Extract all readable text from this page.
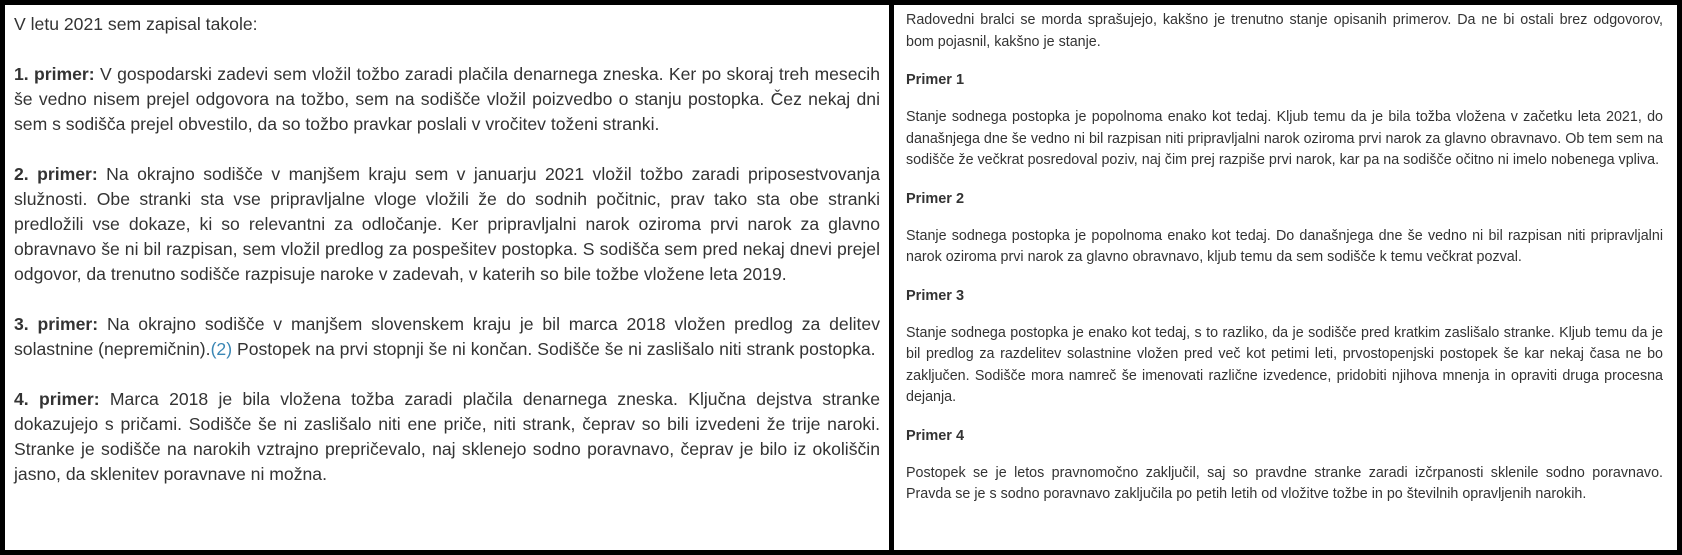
V letu 2021 sem zapisal takole:

1. primer: V gospodarski zadevi sem vložil tožbo zaradi plačila denarnega zneska. Ker po skoraj treh mesecih še vedno nisem prejel odgovora na tožbo, sem na sodišče vložil poizvedbo o stanju postopka. Čez nekaj dni sem s sodišča prejel obvestilo, da so tožbo pravkar poslali v vročitev toženi stranki.

2. primer: Na okrajno sodišče v manjšem kraju sem v januarju 2021 vložil tožbo zaradi priposestvovanja služnosti. Obe stranki sta vse pripravljalne vloge vložili že do sodnih počitnic, prav tako sta obe stranki predložili vse dokaze, ki so relevantni za odločanje. Ker pripravljalni narok oziroma prvi narok za glavno obravnavo še ni bil razpisan, sem vložil predlog za pospešitev postopka. S sodišča sem pred nekaj dnevi prejel odgovor, da trenutno sodišče razpisuje naroke v zadevah, v katerih so bile tožbe vložene leta 2019.

3. primer: Na okrajno sodišče v manjšem slovenskem kraju je bil marca 2018 vložen predlog za delitev solastnine (nepremičnin).(2) Postopek na prvi stopnji še ni končan. Sodišče še ni zaslišalo niti strank postopka.

4. primer: Marca 2018 je bila vložena tožba zaradi plačila denarnega zneska. Ključna dejstva stranke dokazujejo s pričami. Sodišče še ni zaslišalo niti ene priče, niti strank, čeprav so bili izvedeni že trije naroki. Stranke je sodišče na narokih vztrajno prepričevalo, naj sklenejo sodno poravnavo, čeprav je bilo iz okoliščin jasno, da sklenitev poravnave ni možna.

Radovedni bralci se morda sprašujejo, kakšno je trenutno stanje opisanih primerov. Da ne bi ostali brez odgovorov, bom pojasnil, kakšno je stanje.

Primer 1

Stanje sodnega postopka je popolnoma enako kot tedaj. Kljub temu da je bila tožba vložena v začetku leta 2021, do današnjega dne še vedno ni bil razpisan niti pripravljalni narok oziroma prvi narok za glavno obravnavo. Ob tem sem na sodišče že večkrat posredoval poziv, naj čim prej razpiše prvi narok, kar pa na sodišče očitno ni imelo nobenega vpliva.

Primer 2

Stanje sodnega postopka je popolnoma enako kot tedaj. Do današnjega dne še vedno ni bil razpisan niti pripravljalni narok oziroma prvi narok za glavno obravnavo, kljub temu da sem sodišče k temu večkrat pozval.

Primer 3

Stanje sodnega postopka je enako kot tedaj, s to razliko, da je sodišče pred kratkim zaslišalo stranke. Kljub temu da je bil predlog za razdelitev solastnine vložen pred več kot petimi leti, prvostopenjski postopek še kar nekaj časa ne bo zaključen. Sodišče mora namreč še imenovati različne izvedence, pridobiti njihova mnenja in opraviti druga procesna dejanja.

Primer 4

Postopek se je letos pravnomočno zaključil, saj so pravdne stranke zaradi izčrpanosti sklenile sodno poravnavo. Pravda se je s sodno poravnavo zaključila po petih letih od vložitve tožbe in po številnih opravljenih narokih.
